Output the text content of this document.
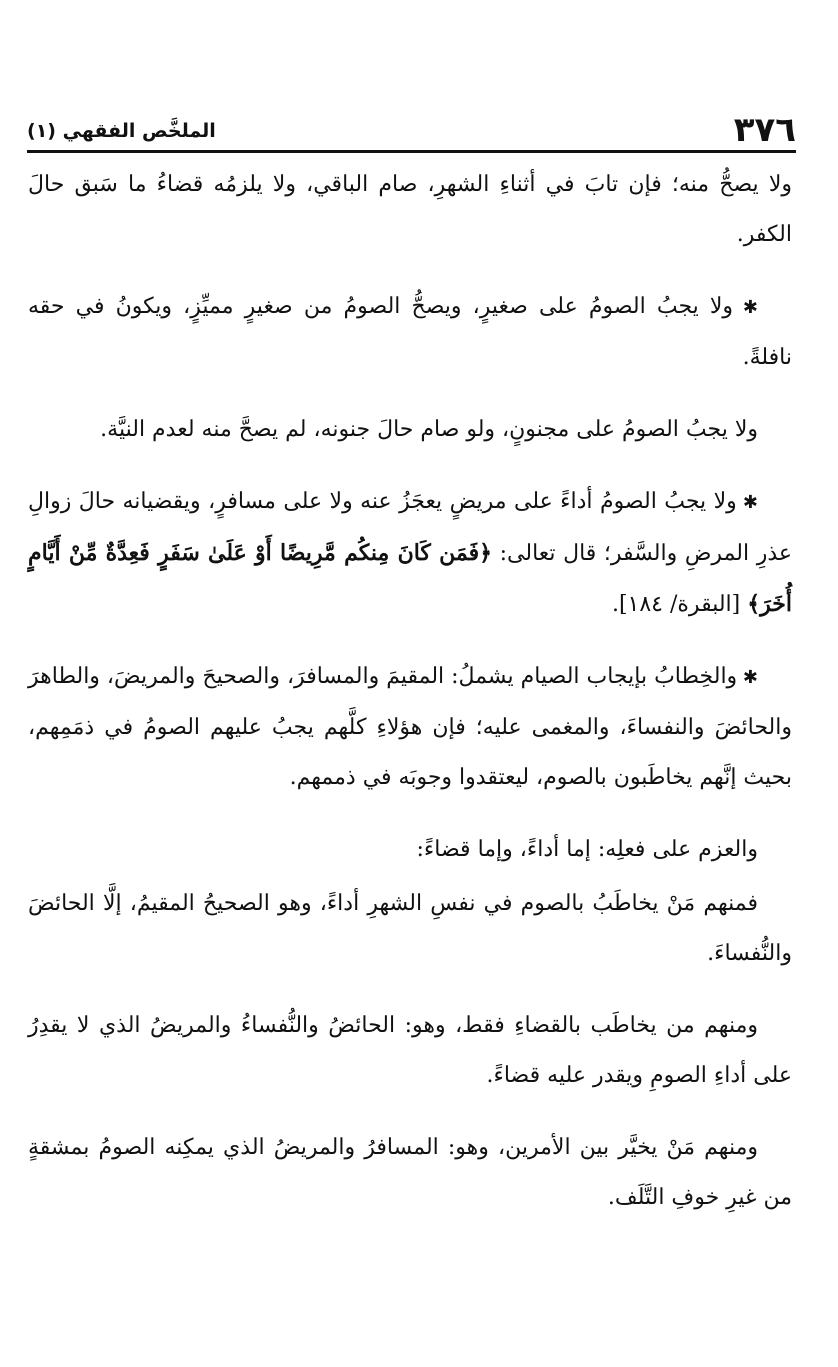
٣٧٦
الملخَّص الفقهي (١)

ولا يصحُّ منه؛ فإن تابَ في أثناءِ الشهرِ، صام الباقي، ولا يلزمُه قضاءُ ما سَبق حالَ الكفر.

✱ ولا يجبُ الصومُ على صغيرٍ، ويصحُّ الصومُ من صغيرٍ مميِّزٍ، ويكونُ في حقه نافلةً.

ولا يجبُ الصومُ على مجنونٍ، ولو صام حالَ جنونه، لم يصحَّ منه لعدم النيَّة.

✱ ولا يجبُ الصومُ أداءً على مريضٍ يعجَزُ عنه ولا على مسافرٍ، ويقضيانه حالَ زوالِ عذرِ المرضِ والسَّفر؛ قال تعالى: ﴿فَمَن كَانَ مِنكُم مَّرِيضًا أَوْ عَلَىٰ سَفَرٍ فَعِدَّةٌ مِّنْ أَيَّامٍ أُخَرَ﴾ [البقرة/ ١٨٤].

✱ والخِطابُ بإيجاب الصيام يشملُ: المقيمَ والمسافرَ، والصحيحَ والمريضَ، والطاهرَ والحائضَ والنفساءَ، والمغمى عليه؛ فإن هؤلاءِ كلَّهم يجبُ عليهم الصومُ في ذمَمِهم، بحيث إنَّهم يخاطَبون بالصوم، ليعتقدوا وجوبَه في ذممهم.

والعزم على فعلِه: إما أداءً، وإما قضاءً:

فمنهم مَنْ يخاطَبُ بالصوم في نفسِ الشهرِ أداءً، وهو الصحيحُ المقيمُ، إلَّا الحائضَ والنُّفساءَ.

ومنهم من يخاطَب بالقضاءِ فقط، وهو: الحائضُ والنُّفساءُ والمريضُ الذي لا يقدِرُ على أداءِ الصومِ ويقدر عليه قضاءً.

ومنهم مَنْ يخيَّر بين الأمرين، وهو: المسافرُ والمريضُ الذي يمكِنه الصومُ بمشقةٍ من غيرِ خوفِ التَّلَف.
